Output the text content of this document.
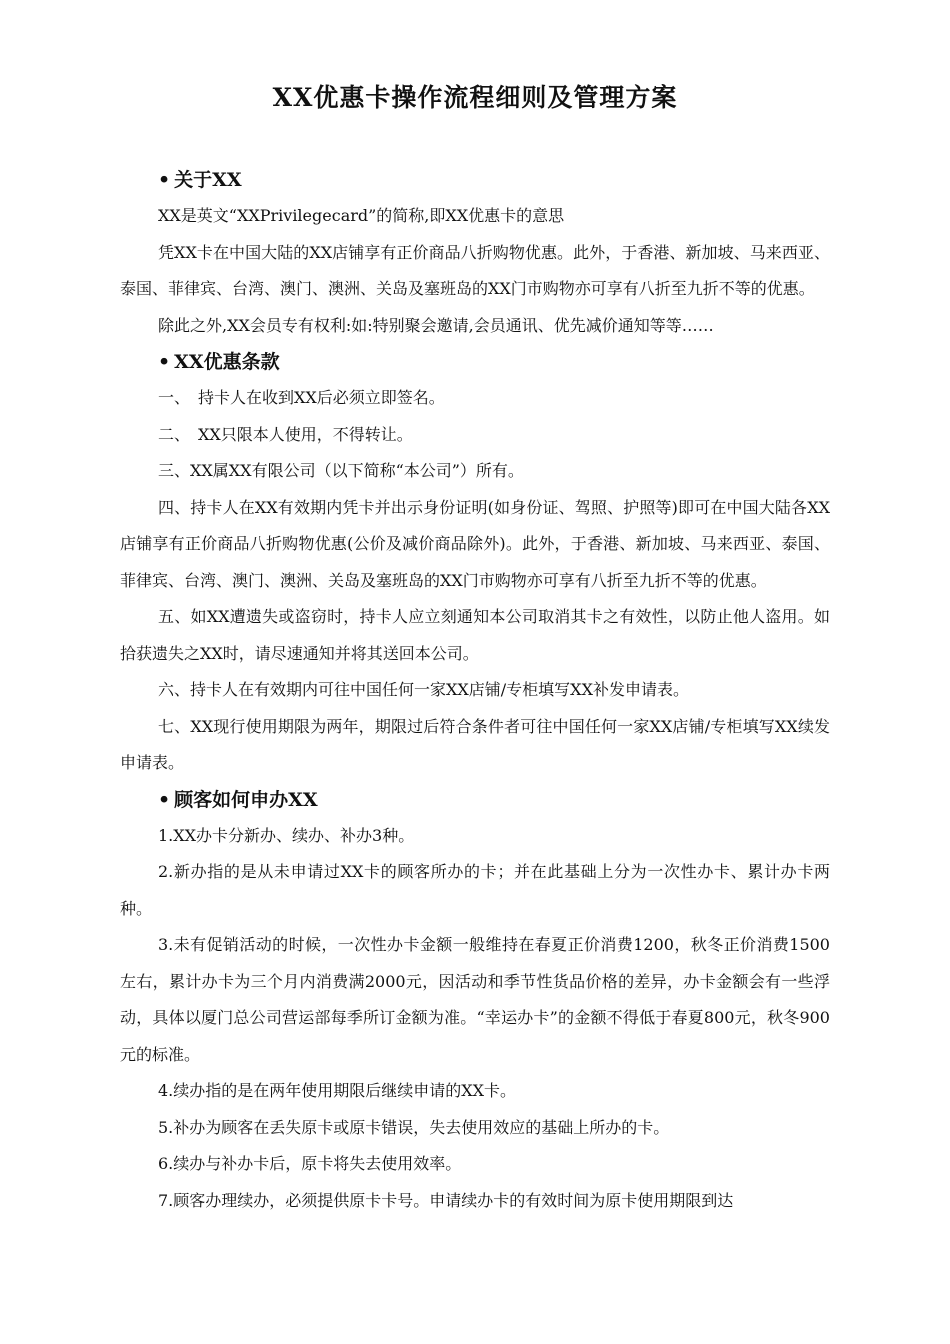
XX优惠卡操作流程细则及管理方案
• 关于XX

XX是英文“XXPrivilegecard”的简称,即XX优惠卡的意思

凭XX卡在中国大陆的XX店铺享有正价商品八折购物优惠。此外，于香港、新加坡、马来西亚、泰国、菲律宾、台湾、澳门、澳洲、关岛及塞班岛的XX门市购物亦可享有八折至九折不等的优惠。

除此之外,XX会员专有权利:如:特别聚会邀请,会员通讯、优先减价通知等等……

• XX优惠条款

一、　持卡人在收到XX后必须立即签名。

二、　XX只限本人使用，不得转让。

三、XX属XX有限公司（以下简称“本公司”）所有。

四、持卡人在XX有效期内凭卡并出示身份证明(如身份证、驾照、护照等)即可在中国大陆各XX店铺享有正价商品八折购物优惠(公价及减价商品除外)。此外，于香港、新加坡、马来西亚、泰国、菲律宾、台湾、澳门、澳洲、关岛及塞班岛的XX门市购物亦可享有八折至九折不等的优惠。

五、如XX遭遗失或盗窃时，持卡人应立刻通知本公司取消其卡之有效性，以防止他人盗用。如拾获遗失之XX时，请尽速通知并将其送回本公司。

六、持卡人在有效期内可往中国任何一家XX店铺/专柜填写XX补发申请表。

七、XX现行使用期限为两年，期限过后符合条件者可往中国任何一家XX店铺/专柜填写XX续发申请表。

• 顾客如何申办XX

1.XX办卡分新办、续办、补办3种。

2.新办指的是从未申请过XX卡的顾客所办的卡；并在此基础上分为一次性办卡、累计办卡两种。

3.未有促销活动的时候，一次性办卡金额一般维持在春夏正价消费1200，秋冬正价消费1500左右，累计办卡为三个月内消费满2000元，因活动和季节性货品价格的差异，办卡金额会有一些浮动，具体以厦门总公司营运部每季所订金额为准。“幸运办卡”的金额不得低于春夏800元，秋冬900元的标准。

4.续办指的是在两年使用期限后继续申请的XX卡。

5.补办为顾客在丢失原卡或原卡错误，失去使用效应的基础上所办的卡。

6.续办与补办卡后，原卡将失去使用效率。

7.顾客办理续办，必须提供原卡卡号。申请续办卡的有效时间为原卡使用期限到达
